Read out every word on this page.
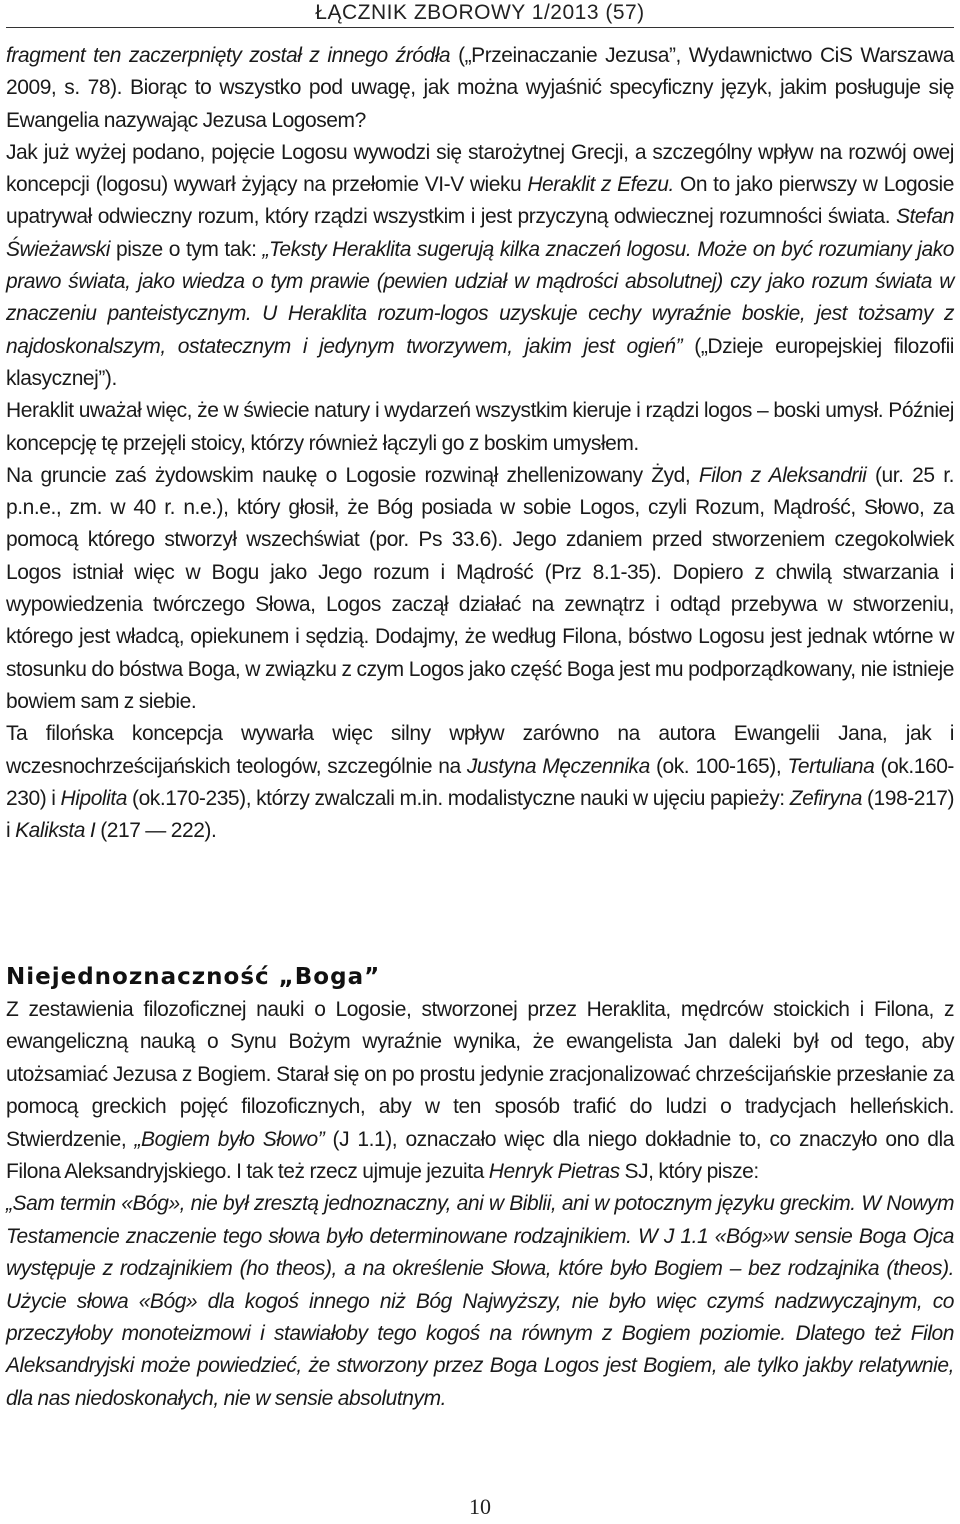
ŁĄCZNIK ZBOROWY 1/2013 (57)

fragment ten zaczerpnięty został z innego źródła („Przeinaczanie Jezusa”, Wydawnictwo CiS Warszawa 2009, s. 78). Biorąc to wszystko pod uwagę, jak można wyjaśnić specyficzny język, jakim posługuje się Ewangelia nazywając Jezusa Logosem?

Jak już wyżej podano, pojęcie Logosu wywodzi się starożytnej Grecji, a szczególny wpływ na rozwój owej koncepcji (logosu) wywarł żyjący na przełomie VI-V wieku Heraklit z Efezu. On to jako pierwszy w Logosie upatrywał odwieczny rozum, który rządzi wszystkim i jest przyczyną odwiecznej rozumności świata. Stefan Świeżawski pisze o tym tak: „Teksty Heraklita sugerują kilka znaczeń logosu. Może on być rozumiany jako prawo świata, jako wiedza o tym prawie (pewien udział w mądrości absolutnej) czy jako rozum świata w znaczeniu panteistycznym. U Heraklita rozum-logos uzyskuje cechy wyraźnie boskie, jest tożsamy z najdoskonalszym, ostatecznym i jedynym tworzywem, jakim jest ogień” („Dzieje europejskiej filozofii klasycznej”).

Heraklit uważał więc, że w świecie natury i wydarzeń wszystkim kieruje i rządzi logos – boski umysł. Później koncepcję tę przejęli stoicy, którzy również łączyli go z boskim umysłem.

Na gruncie zaś żydowskim naukę o Logosie rozwinął zhellenizowany Żyd, Filon z Aleksandrii (ur. 25 r. p.n.e., zm. w 40 r. n.e.), który głosił, że Bóg posiada w sobie Logos, czyli Rozum, Mądrość, Słowo, za pomocą którego stworzył wszechświat (por. Ps 33.6). Jego zdaniem przed stworzeniem czegokolwiek Logos istniał więc w Bogu jako Jego rozum i Mądrość (Prz 8.1-35). Dopiero z chwilą stwarzania i wypowiedzenia twórczego Słowa, Logos zaczął działać na zewnątrz i odtąd przebywa w stworzeniu, którego jest władcą, opiekunem i sędzią. Dodajmy, że według Filona, bóstwo Logosu jest jednak wtórne w stosunku do bóstwa Boga, w związku z czym Logos jako część Boga jest mu podporządkowany, nie istnieje bowiem sam z siebie.

Ta filońska koncepcja wywarła więc silny wpływ zarówno na autora Ewangelii Jana, jak i wczesnochrześcijańskich teologów, szczególnie na Justyna Męczennika (ok. 100-165), Tertuliana (ok.160-230) i Hipolita (ok.170-235), którzy zwalczali m.in. modalistyczne nauki w ujęciu papieży: Zefiryna (198-217) i Kaliksta I (217 — 222).

Niejednoznaczność „Boga”

Z zestawienia filozoficznej nauki o Logosie, stworzonej przez Heraklita, mędrców stoickich i Filona, z ewangeliczną nauką o Synu Bożym wyraźnie wynika, że ewangelista Jan daleki był od tego, aby utożsamiać Jezusa z Bogiem. Starał się on po prostu jedynie zracjonalizować chrześcijańskie przesłanie za pomocą greckich pojęć filozoficznych, aby w ten sposób trafić do ludzi o tradycjach helleńskich. Stwierdzenie, „Bogiem było Słowo” (J 1.1), oznaczało więc dla niego dokładnie to, co znaczyło ono dla Filona Aleksandryjskiego. I tak też rzecz ujmuje jezuita Henryk Pietras SJ, który pisze:

„Sam termin «Bóg», nie był zresztą jednoznaczny, ani w Biblii, ani w potocznym języku greckim. W Nowym Testamencie znaczenie tego słowa było determinowane rodzajnikiem. W J 1.1 «Bóg»w sensie Boga Ojca występuje z rodzajnikiem (ho theos), a na określenie Słowa, które było Bogiem – bez rodzajnika (theos). Użycie słowa «Bóg» dla kogoś innego niż Bóg Najwyższy, nie było więc czymś nadzwyczajnym, co przeczyłoby monoteizmowi i stawiałoby tego kogoś na równym z Bogiem poziomie. Dlatego też Filon Aleksandryjski może powiedzieć, że stworzony przez Boga Logos jest Bogiem, ale tylko jakby relatywnie, dla nas niedoskonałych, nie w sensie absolutnym.

10
